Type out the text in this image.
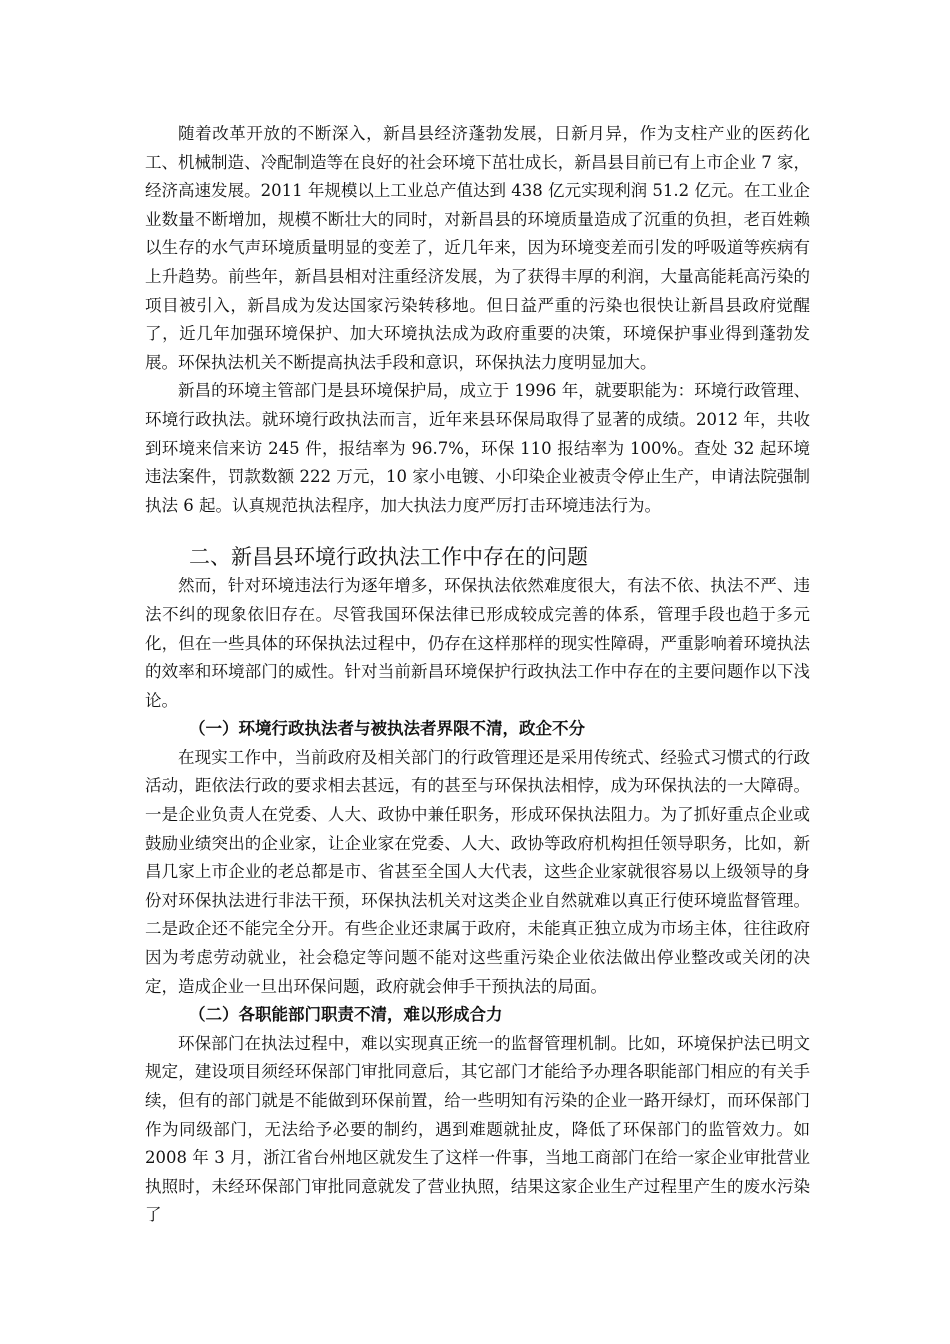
随着改革开放的不断深入，新昌县经济蓬勃发展，日新月异，作为支柱产业的医药化工、机械制造、冷配制造等在良好的社会环境下茁壮成长，新昌县目前已有上市企业 7 家，经济高速发展。2011 年规模以上工业总产值达到 438 亿元实现利润 51.2 亿元。在工业企业数量不断增加，规模不断壮大的同时，对新昌县的环境质量造成了沉重的负担，老百姓赖以生存的水气声环境质量明显的变差了，近几年来，因为环境变差而引发的呼吸道等疾病有上升趋势。前些年，新昌县相对注重经济发展，为了获得丰厚的利润，大量高能耗高污染的项目被引入，新昌成为发达国家污染转移地。但日益严重的污染也很快让新昌县政府觉醒了，近几年加强环境保护、加大环境执法成为政府重要的决策，环境保护事业得到蓬勃发展。环保执法机关不断提高执法手段和意识，环保执法力度明显加大。

新昌的环境主管部门是县环境保护局，成立于 1996 年，就要职能为：环境行政管理、环境行政执法。就环境行政执法而言，近年来县环保局取得了显著的成绩。2012 年，共收到环境来信来访 245 件，报结率为 96.7%，环保 110 报结率为 100%。查处 32 起环境违法案件，罚款数额 222 万元，10 家小电镀、小印染企业被责令停止生产，申请法院强制执法 6 起。认真规范执法程序，加大执法力度严厉打击环境违法行为。

二、新昌县环境行政执法工作中存在的问题

然而，针对环境违法行为逐年增多，环保执法依然难度很大，有法不依、执法不严、违法不纠的现象依旧存在。尽管我国环保法律已形成较成完善的体系，管理手段也趋于多元化，但在一些具体的环保执法过程中，仍存在这样那样的现实性障碍，严重影响着环境执法的效率和环境部门的威性。针对当前新昌环境保护行政执法工作中存在的主要问题作以下浅论。

（一）环境行政执法者与被执法者界限不清，政企不分

在现实工作中，当前政府及相关部门的行政管理还是采用传统式、经验式习惯式的行政活动，距依法行政的要求相去甚远，有的甚至与环保执法相悖，成为环保执法的一大障碍。一是企业负责人在党委、人大、政协中兼任职务，形成环保执法阻力。为了抓好重点企业或鼓励业绩突出的企业家，让企业家在党委、人大、政协等政府机构担任领导职务，比如，新昌几家上市企业的老总都是市、省甚至全国人大代表，这些企业家就很容易以上级领导的身份对环保执法进行非法干预，环保执法机关对这类企业自然就难以真正行使环境监督管理。二是政企还不能完全分开。有些企业还隶属于政府，未能真正独立成为市场主体，往往政府因为考虑劳动就业，社会稳定等问题不能对这些重污染企业依法做出停业整改或关闭的决定，造成企业一旦出环保问题，政府就会伸手干预执法的局面。

（二）各职能部门职责不清，难以形成合力

环保部门在执法过程中，难以实现真正统一的监督管理机制。比如，环境保护法已明文规定，建设项目须经环保部门审批同意后，其它部门才能给予办理各职能部门相应的有关手续，但有的部门就是不能做到环保前置，给一些明知有污染的企业一路开绿灯，而环保部门作为同级部门，无法给予必要的制约，遇到难题就扯皮，降低了环保部门的监管效力。如 2008 年 3 月，浙江省台州地区就发生了这样一件事，当地工商部门在给一家企业审批营业执照时，未经环保部门审批同意就发了营业执照，结果这家企业生产过程里产生的废水污染了
